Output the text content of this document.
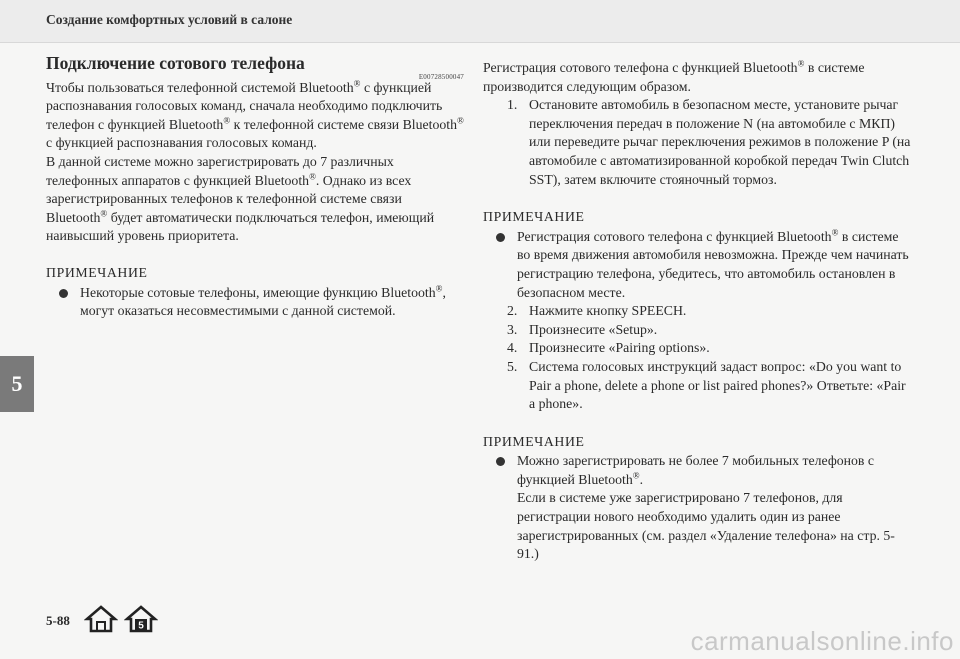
Создание комфортных условий в салоне
5
Подключение сотового телефона
E00728500047

Чтобы пользоваться телефонной системой Bluetooth® с функцией распознавания голосовых команд, сначала необходимо подключить телефон с функцией Bluetooth® к телефонной системе связи Bluetooth® с функцией распознавания голосовых команд.

В данной системе можно зарегистрировать до 7 различных телефонных аппаратов с функцией Bluetooth®. Однако из всех зарегистрированных телефонов к телефонной системе связи Bluetooth® будет автоматически подключаться телефон, имеющий наивысший уровень приоритета.

ПРИМЕЧАНИЕ

Некоторые сотовые телефоны, имеющие функцию Bluetooth®, могут оказаться несовместимыми с данной системой.

Регистрация сотового телефона с функцией Bluetooth® в системе производится следующим образом.

1. Остановите автомобиль в безопасном месте, установите рычаг переключения передач в положение N (на автомобиле с МКП) или переведите рычаг переключения режимов в положение P (на автомобиле с автоматизированной коробкой передач Twin Clutch SST), затем включите стояночный тормоз.

ПРИМЕЧАНИЕ

Регистрация сотового телефона с функцией Bluetooth® в системе во время движения автомобиля невозможна. Прежде чем начинать регистрацию телефона, убедитесь, что автомобиль остановлен в безопасном месте.
2. Нажмите кнопку SPEECH.
3. Произнесите «Setup».
4. Произнесите «Pairing options».
5. Система голосовых инструкций задаст вопрос: «Do you want to Pair a phone, delete a phone or list paired phones?» Ответьте: «Pair a phone».

ПРИМЕЧАНИЕ

Можно зарегистрировать не более 7 мобильных телефонов с функцией Bluetooth®.
Если в системе уже зарегистрировано 7 телефонов, для регистрации нового необходимо удалить один из ранее зарегистрированных (см. раздел «Удаление телефона» на стр. 5-91.)
5-88	5	carmanualsonline.info
